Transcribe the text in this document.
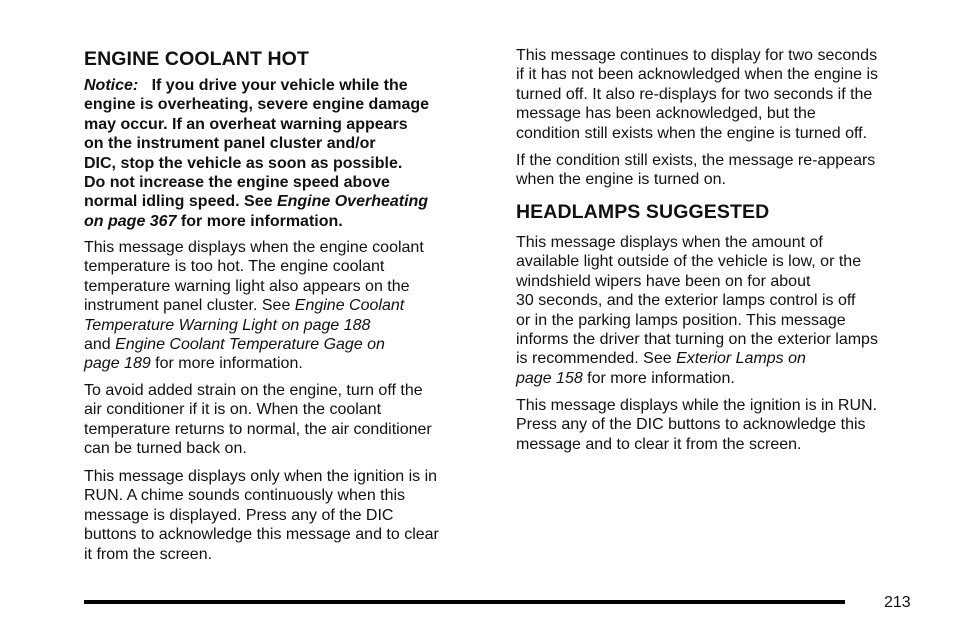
ENGINE COOLANT HOT

Notice: If you drive your vehicle while the
engine is overheating, severe engine damage
may occur. If an overheat warning appears
on the instrument panel cluster and/or
DIC, stop the vehicle as soon as possible.
Do not increase the engine speed above
normal idling speed. See Engine Overheating
on page 367 for more information.

This message displays when the engine coolant
temperature is too hot. The engine coolant
temperature warning light also appears on the
instrument panel cluster. See Engine Coolant
Temperature Warning Light on page 188
and Engine Coolant Temperature Gage on
page 189 for more information.

To avoid added strain on the engine, turn off the
air conditioner if it is on. When the coolant
temperature returns to normal, the air conditioner
can be turned back on.

This message displays only when the ignition is in
RUN. A chime sounds continuously when this
message is displayed. Press any of the DIC
buttons to acknowledge this message and to clear
it from the screen.

This message continues to display for two seconds
if it has not been acknowledged when the engine is
turned off. It also re-displays for two seconds if the
message has been acknowledged, but the
condition still exists when the engine is turned off.

If the condition still exists, the message re-appears
when the engine is turned on.

HEADLAMPS SUGGESTED

This message displays when the amount of
available light outside of the vehicle is low, or the
windshield wipers have been on for about
30 seconds, and the exterior lamps control is off
or in the parking lamps position. This message
informs the driver that turning on the exterior lamps
is recommended. See Exterior Lamps on
page 158 for more information.

This message displays while the ignition is in RUN.
Press any of the DIC buttons to acknowledge this
message and to clear it from the screen.

213
